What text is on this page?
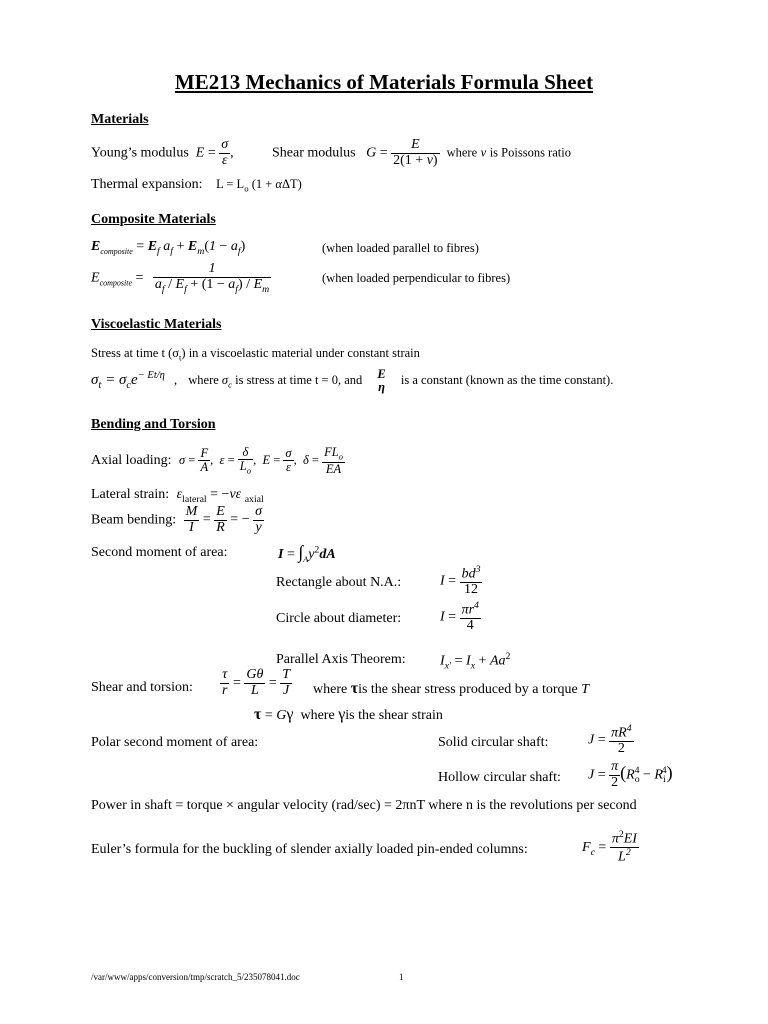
ME213 Mechanics of Materials Formula Sheet
Materials
Young’s modulus $E = \frac{\sigma}{\varepsilon}$ ,	Shear modulus $G = \frac{E}{2(1 + \nu)}$ where ν is Poissons ratio
Thermal expansion: $L = L_o$ (1 + αΔT)
Composite Materials
$E_{composite} = E_f$ $a_f + E_m(1 - a_f)$	(when loaded parallel to fibres)
$E_{composite} = \frac{1}{a_f / E_f + (1 - a_f) / E_m}$	(when loaded perpendicular to fibres)
Viscoelastic Materials
Stress at time t $(\sigma_t)$ in a viscoelastic material under constant strain
$\sigma_t = \sigma_ce^{- Et/\eta}$ , where $\sigma_c$ is stress at time t = 0, and E
η
is a constant (known as the time constant).
Bending and Torsion
Axial loading: $\sigma = \frac{F}{A}$ ,  $\varepsilon = \frac{\delta}{L_o}$ ,  $E = \frac{\sigma}{\varepsilon}$ ,  $\delta = \frac{FL_o}{EA}$
Lateral strain: $\varepsilon_{lateral} = -\nu\varepsilon$ $_{axial}$
Beam bending: $\frac{M}{I} = \frac{E}{R}$ = − $\frac{\sigma}{y}$
Second moment of area:	$I = \int_Ay^2dA$
Rectangle about N.A.:	$I = \frac{bd^3}{12}$
Circle about diameter:	$I = \frac{\pi r^4}{4}$
Parallel Axis Theorem: $I_{x'} = I_x + Aa^2$
Shear and torsion: $\frac{\tau}{r} = \frac{G\theta}{L} = \frac{T}{J}$ where τis the shear stress produced by a torque T
τ = Gγ where γis the shear strain
Polar second moment of area:	Solid circular shaft:	$J = \frac{\pi R^4}{2}$
Hollow circular shaft: $J = \frac{\pi}{2} (R_o^4 - R_i^4)$
Power in shaft = torque × angular velocity (rad/sec) = 2πnT where n is the revolutions per second
Euler’s formula for the buckling of slender axially loaded pin-ended columns:	$F_c = \frac{\pi^2EI}{L^2}$
/var/www/apps/conversion/tmp/scratch_5/235078041.doc	1
